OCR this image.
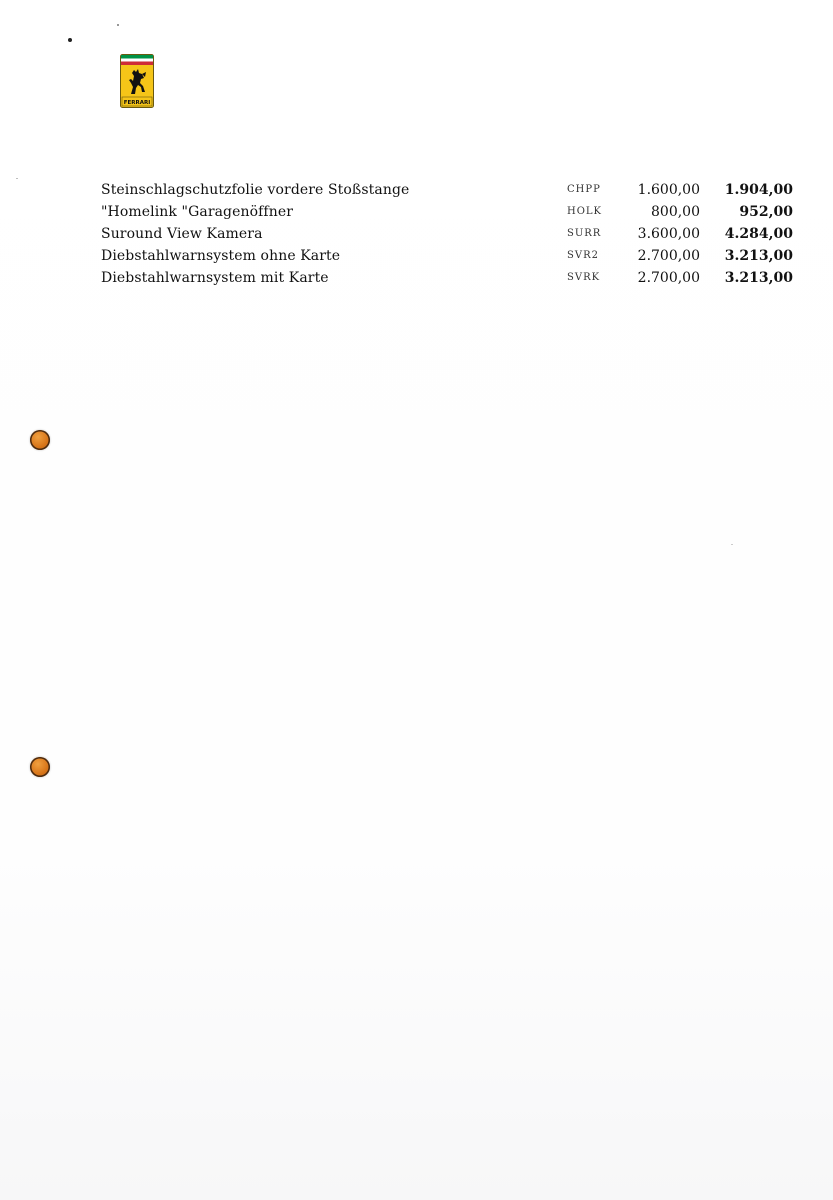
FERRARI
Steinschlagschutzfolie vordere Stoßstange	CHPP	1.600,00 1.904,00
"Homelink "Garagenöffner	HOLK	800,00	952,00
Suround View Kamera	SURR	3.600,00 4.284,00
Diebstahlwarnsystem ohne Karte	SVR2	2.700,00 3.213,00
Diebstahlwarnsystem mit Karte	SVRK	2.700,00 3.213,00
